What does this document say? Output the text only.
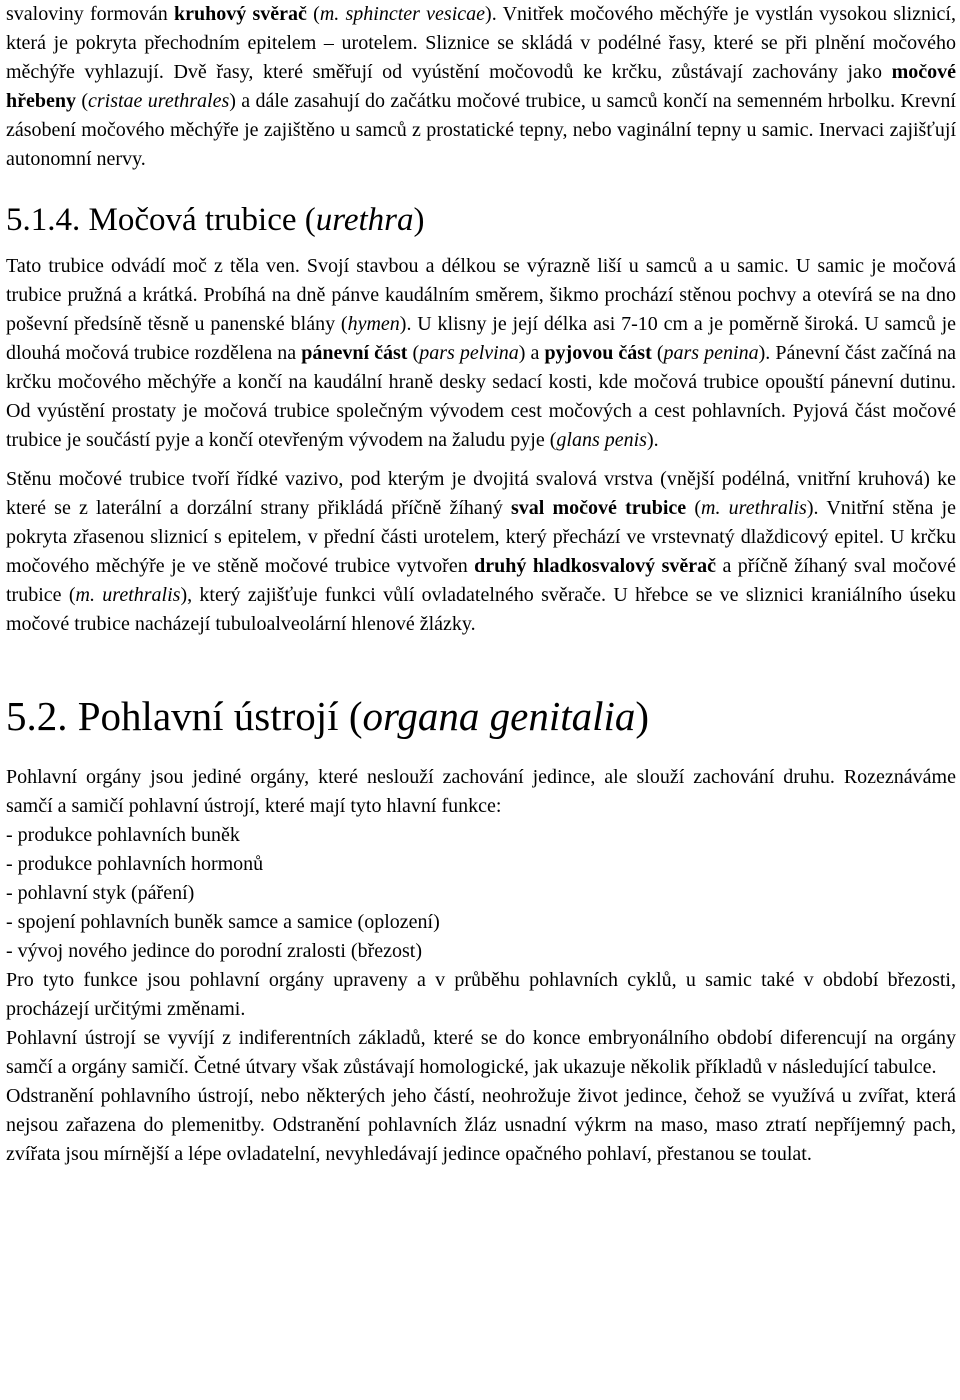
svaloviny formován kruhový svěrač (m. sphincter vesicae). Vnitřek močového měchýře je vystlán vysokou sliznicí, která je pokryta přechodním epitelem – urotelem. Sliznice se skládá v podélné řasy, které se při plnění močového měchýře vyhlazují. Dvě řasy, které směřují od vyústění močovodů ke krčku, zůstávají zachovány jako močové hřebeny (cristae urethrales) a dále zasahují do začátku močové trubice, u samců končí na semenném hrbolku. Krevní zásobení močového měchýře je zajištěno u samců z prostatické tepny, nebo vaginální tepny u samic. Inervaci zajišťují autonomní nervy.

5.1.4. Močová trubice (urethra)

Tato trubice odvádí moč z těla ven. Svojí stavbou a délkou se výrazně liší u samců a u samic. U samic je močová trubice pružná a krátká. Probíhá na dně pánve kaudálním směrem, šikmo prochází stěnou pochvy a otevírá se na dno poševní předsíně těsně u panenské blány (hymen). U klisny je její délka asi 7-10 cm a je poměrně široká. U samců je dlouhá močová trubice rozdělena na pánevní část (pars pelvina) a pyjovou část (pars penina). Pánevní část začíná na krčku močového měchýře a končí na kaudální hraně desky sedací kosti, kde močová trubice opouští pánevní dutinu. Od vyústění prostaty je močová trubice společným vývodem cest močových a cest pohlavních. Pyjová část močové trubice je součástí pyje a končí otevřeným vývodem na žaludu pyje (glans penis).

Stěnu močové trubice tvoří řídké vazivo, pod kterým je dvojitá svalová vrstva (vnější podélná, vnitřní kruhová) ke které se z laterální a dorzální strany přikládá příčně žíhaný sval močové trubice (m. urethralis). Vnitřní stěna je pokryta zřasenou sliznicí s epitelem, v přední části urotelem, který přechází ve vrstevnatý dlaždicový epitel. U krčku močového měchýře je ve stěně močové trubice vytvořen druhý hladkosvalový svěrač a příčně žíhaný sval močové trubice (m. urethralis), který zajišťuje funkci vůlí ovladatelného svěrače. U hřebce se ve sliznici kraniálního úseku močové trubice nacházejí tubuloalveolární hlenové žlázky.

5.2. Pohlavní ústrojí (organa genitalia)

Pohlavní orgány jsou jediné orgány, které neslouží zachování jedince, ale slouží zachování druhu. Rozeznáváme samčí a samičí pohlavní ústrojí, které mají tyto hlavní funkce:

- produkce pohlavních buněk
- produkce pohlavních hormonů
- pohlavní styk (páření)
- spojení pohlavních buněk samce a samice (oplození)
- vývoj nového jedince do porodní zralosti (březost)

Pro tyto funkce jsou pohlavní orgány upraveny a v průběhu pohlavních cyklů, u samic také v období březosti, procházejí určitými změnami.

Pohlavní ústrojí se vyvíjí z indiferentních základů, které se do konce embryonálního období diferencují na orgány samčí a orgány samičí. Četné útvary však zůstávají homologické, jak ukazuje několik příkladů v následující tabulce.

Odstranění pohlavního ústrojí, nebo některých jeho částí, neohrožuje život jedince, čehož se využívá u zvířat, která nejsou zařazena do plemenitby. Odstranění pohlavních žláz usnadní výkrm na maso, maso ztratí nepříjemný pach, zvířata jsou mírnější a lépe ovladatelní, nevyhledávají jedince opačného pohlaví, přestanou se toulat.
